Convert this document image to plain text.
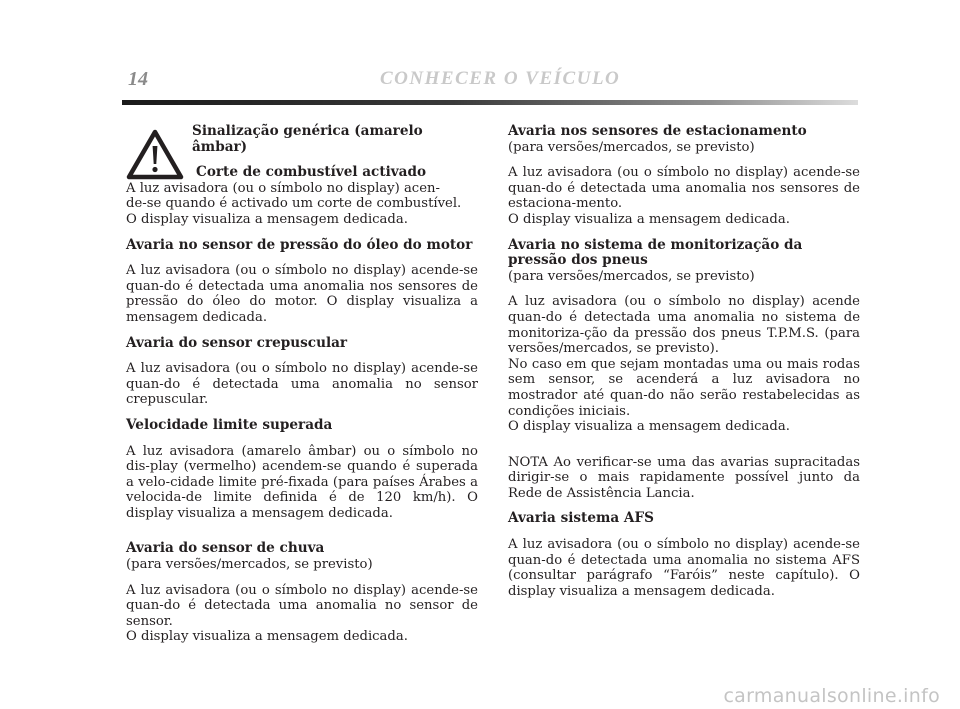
14	CONHECER O VEÍCULO
Sinalização genérica (amarelo âmbar)
Corte de combustível activado

A luz avisadora (ou o símbolo no display) acen-

de-se quando é activado um corte de combustível.

O display visualiza a mensagem dedicada.

Avaria no sensor de pressão do óleo do motor

A luz avisadora (ou o símbolo no display) acende-se quan-do é detectada uma anomalia nos sensores de pressão do óleo do motor. O display visualiza a mensagem dedicada.

Avaria do sensor crepuscular

A luz avisadora (ou o símbolo no display) acende-se quan-do é detectada uma anomalia no sensor crepuscular.

Velocidade limite superada

A luz avisadora (amarelo âmbar) ou o símbolo no dis-play (vermelho) acendem-se quando é superada a velo-cidade limite pré-fixada (para países Árabes a velocida-de limite definida é de 120 km/h). O display visualiza a mensagem dedicada.

Avaria do sensor de chuva

(para versões/mercados, se previsto)

A luz avisadora (ou o símbolo no display) acende-se quan-do é detectada uma anomalia no sensor de sensor.

O display visualiza a mensagem dedicada.

Avaria nos sensores de estacionamento

(para versões/mercados, se previsto)

A luz avisadora (ou o símbolo no display) acende-se quan-do é detectada uma anomalia nos sensores de estaciona-mento.

O display visualiza a mensagem dedicada.

Avaria no sistema de monitorização da pressão dos pneus

(para versões/mercados, se previsto)

A luz avisadora (ou o símbolo no display) acende quan-do é detectada uma anomalia no sistema de monitoriza-ção da pressão dos pneus T.P.M.S. (para versões/mercados, se previsto).

No caso em que sejam montadas uma ou mais rodas sem sensor, se acenderá a luz avisadora no mostrador até quan-do não serão restabelecidas as condições iniciais.

O display visualiza a mensagem dedicada.

NOTA Ao verificar-se uma das avarias supracitadas dirigir-se o mais rapidamente possível junto da Rede de Assistência Lancia.

Avaria sistema AFS

A luz avisadora (ou o símbolo no display) acende-se quan-do é detectada uma anomalia no sistema AFS (consultar parágrafo “Faróis” neste capítulo). O display visualiza a mensagem dedicada.

carmanualsonline.info
